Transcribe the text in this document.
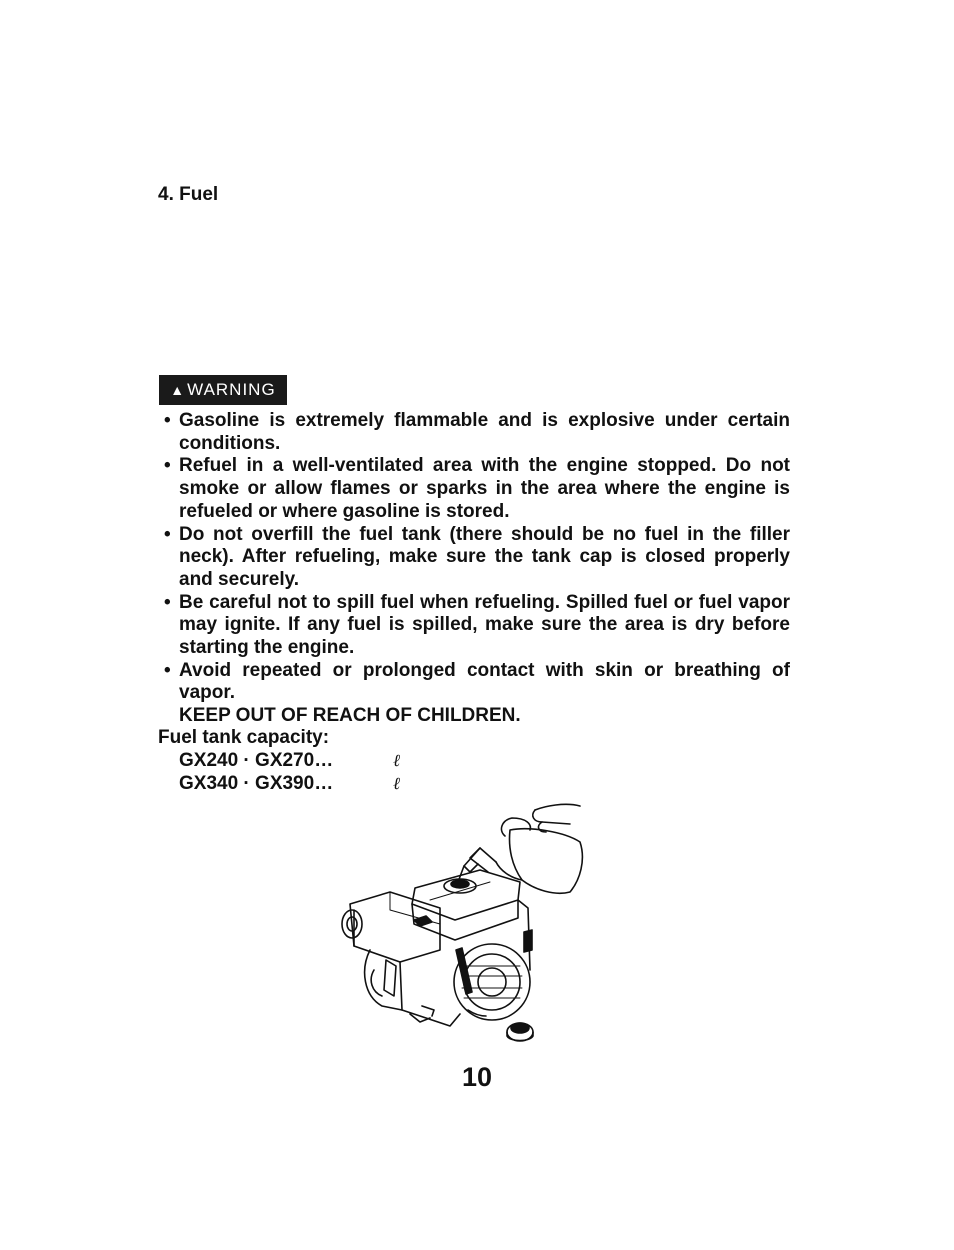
4. Fuel
▲ WARNING
• Gasoline is extremely flammable and is explosive under certain conditions.
• Refuel in a well-ventilated area with the engine stopped. Do not smoke or allow flames or sparks in the area where the engine is refueled or where gasoline is stored.
• Do not overfill the fuel tank (there should be no fuel in the filler neck). After refueling, make sure the tank cap is closed properly and securely.
• Be careful not to spill fuel when refueling. Spilled fuel or fuel vapor may ignite. If any fuel is spilled, make sure the area is dry before starting the engine.
• Avoid repeated or prolonged contact with skin or breathing of vapor.

KEEP OUT OF REACH OF CHILDREN.

Fuel tank capacity:

GX240 · GX270…	ℓ
GX340 · GX390…	ℓ

10
